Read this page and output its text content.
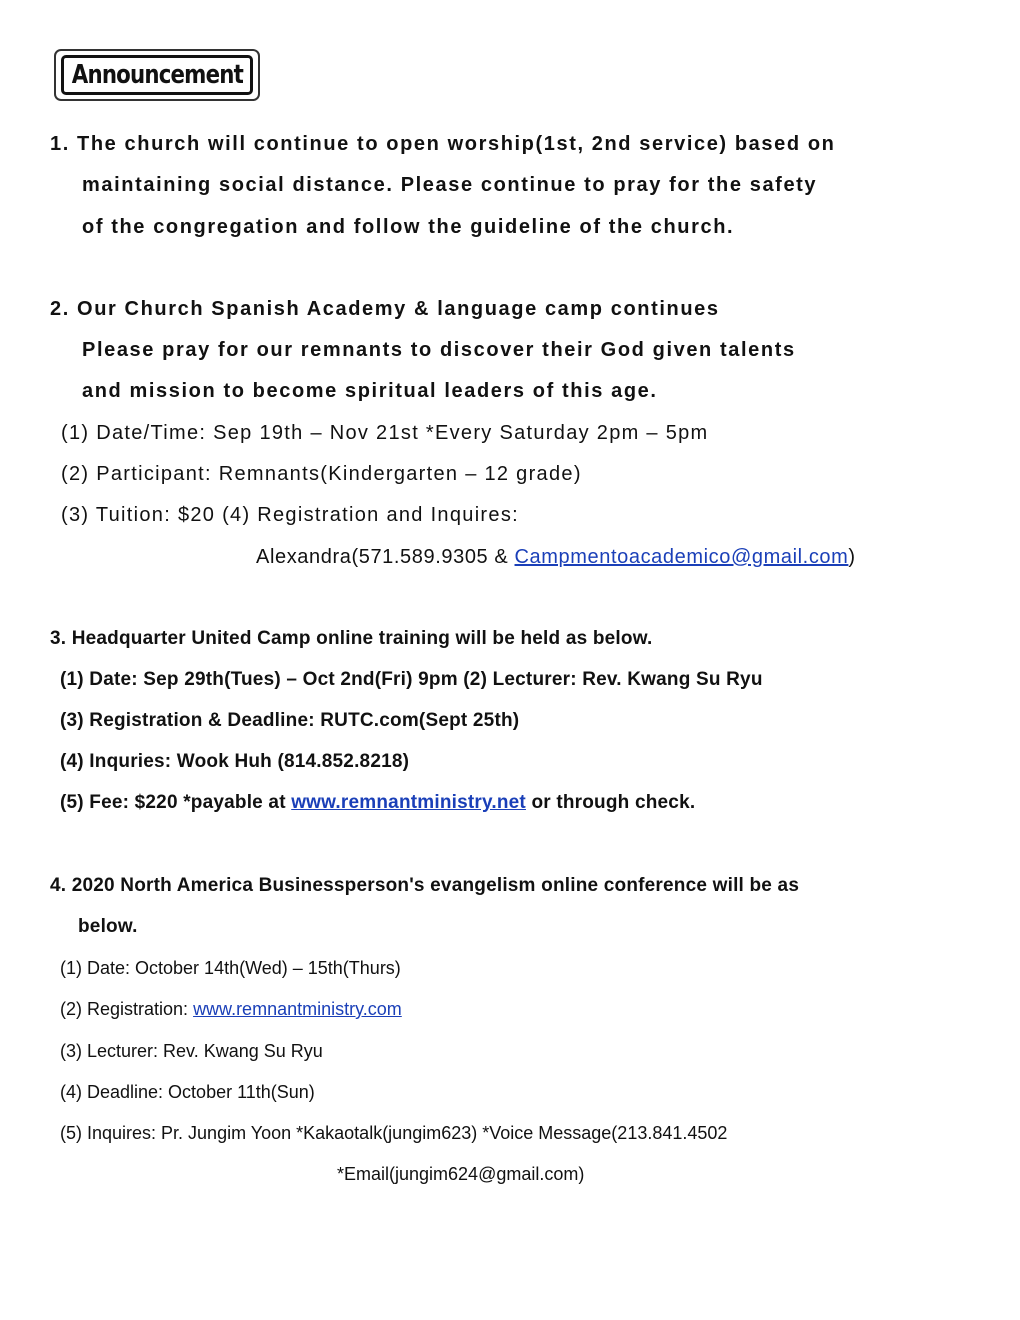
Announcement
1. The church will continue to open worship(1st, 2nd service) based on
maintaining social distance. Please continue to pray for the safety
of the congregation and follow the guideline of the church.
2. Our Church Spanish Academy & language camp continues
Please pray for our remnants to discover their God given talents
and mission to become spiritual leaders of this age.
(1) Date/Time: Sep 19th – Nov 21st *Every Saturday 2pm – 5pm
(2) Participant: Remnants(Kindergarten – 12 grade)
(3) Tuition: $20 (4) Registration and Inquires:
Alexandra(571.589.9305 & Campmentoacademico@gmail.com)
3. Headquarter United Camp online training will be held as below.
(1) Date: Sep 29th(Tues) – Oct 2nd(Fri) 9pm (2) Lecturer: Rev. Kwang Su Ryu
(3) Registration & Deadline: RUTC.com(Sept 25th)
(4) Inquries: Wook Huh (814.852.8218)
(5) Fee: $220 *payable at www.remnantministry.net or through check.
4. 2020 North America Businessperson's evangelism online conference will be as
below.
(1) Date: October 14th(Wed) – 15th(Thurs)
(2) Registration: www.remnantministry.com
(3) Lecturer: Rev. Kwang Su Ryu
(4) Deadline: October 11th(Sun)
(5) Inquires: Pr. Jungim Yoon *Kakaotalk(jungim623) *Voice Message(213.841.4502
*Email(jungim624@gmail.com)
